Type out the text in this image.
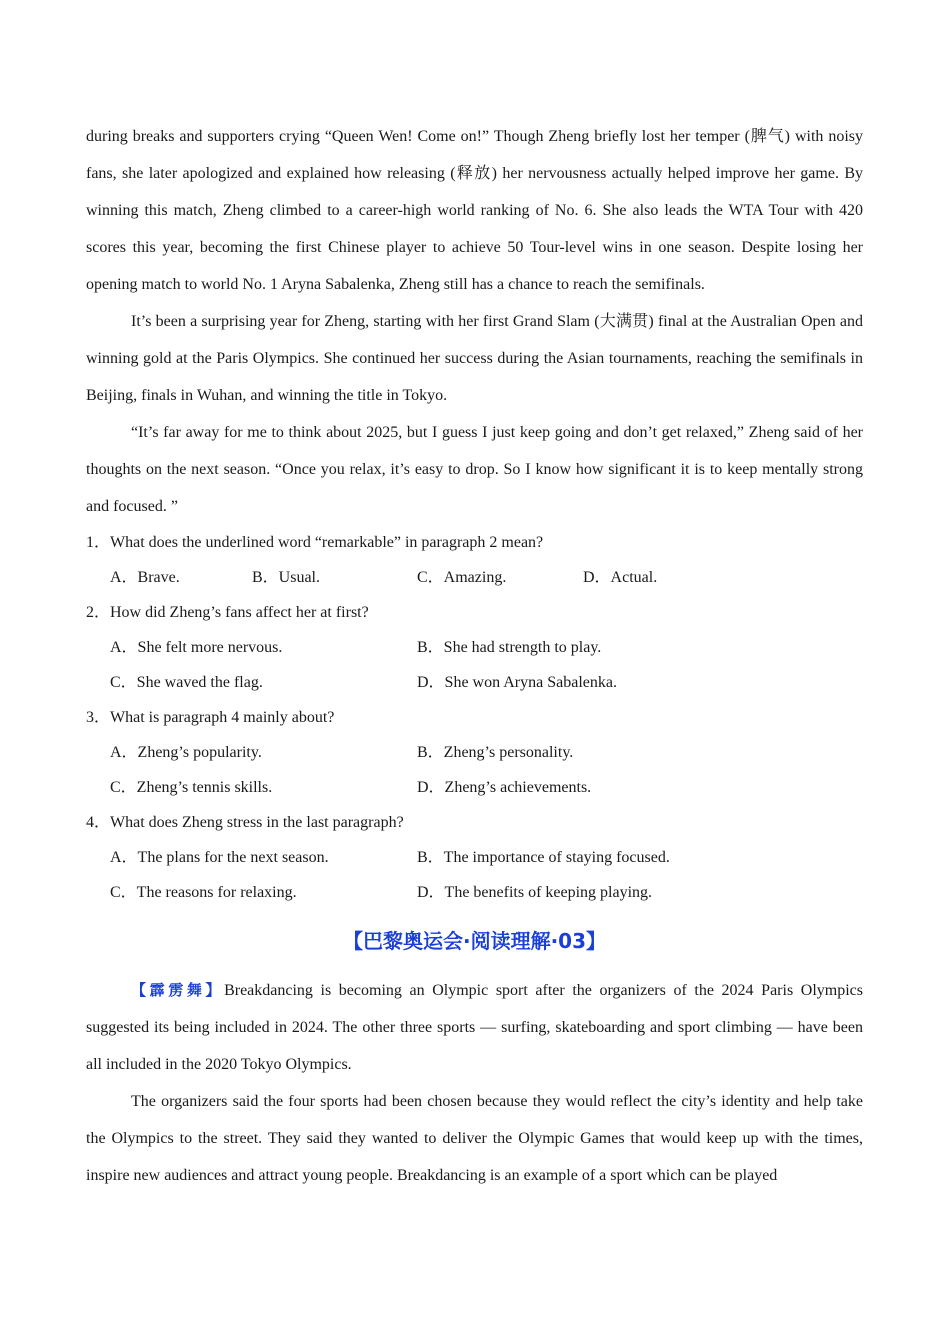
during breaks and supporters crying “Queen Wen! Come on!” Though Zheng briefly lost her temper (脾气) with noisy fans, she later apologized and explained how releasing (释放) her nervousness actually helped improve her game. By winning this match, Zheng climbed to a career-high world ranking of No. 6. She also leads the WTA Tour with 420 scores this year, becoming the first Chinese player to achieve 50 Tour-level wins in one season. Despite losing her opening match to world No. 1 Aryna Sabalenka, Zheng still has a chance to reach the semifinals.

It’s been a surprising year for Zheng, starting with her first Grand Slam (大满贯) final at the Australian Open and winning gold at the Paris Olympics. She continued her success during the Asian tournaments, reaching the semifinals in Beijing, finals in Wuhan, and winning the title in Tokyo.

“It’s far away for me to think about 2025, but I guess I just keep going and don’t get relaxed,” Zheng said of her thoughts on the next season. “Once you relax, it’s easy to drop. So I know how significant it is to keep mentally strong and focused. ”

1．What does the underlined word “remarkable” in paragraph 2 mean?

A．Brave.	B．Usual.	C．Amazing.	D．Actual.

2．How did Zheng’s fans affect her at first?

A．She felt more nervous.	B．She had strength to play.
C．She waved the flag.	D．She won Aryna Sabalenka.

3．What is paragraph 4 mainly about?

A．Zheng’s popularity.	B．Zheng’s personality.
C．Zheng’s tennis skills.	D．Zheng’s achievements.

4．What does Zheng stress in the last paragraph?

A．The plans for the next season.	B．The importance of staying focused.
C．The reasons for relaxing.	D．The benefits of keeping playing.
【巴黎奥运会·阅读理解·03】

【霹雳舞】Breakdancing is becoming an Olympic sport after the organizers of the 2024 Paris Olympics suggested its being included in 2024. The other three sports — surfing, skateboarding and sport climbing — have been all included in the 2020 Tokyo Olympics.

The organizers said the four sports had been chosen because they would reflect the city’s identity and help take the Olympics to the street. They said they wanted to deliver the Olympic Games that would keep up with the times, inspire new audiences and attract young people. Breakdancing is an example of a sport which can be played
